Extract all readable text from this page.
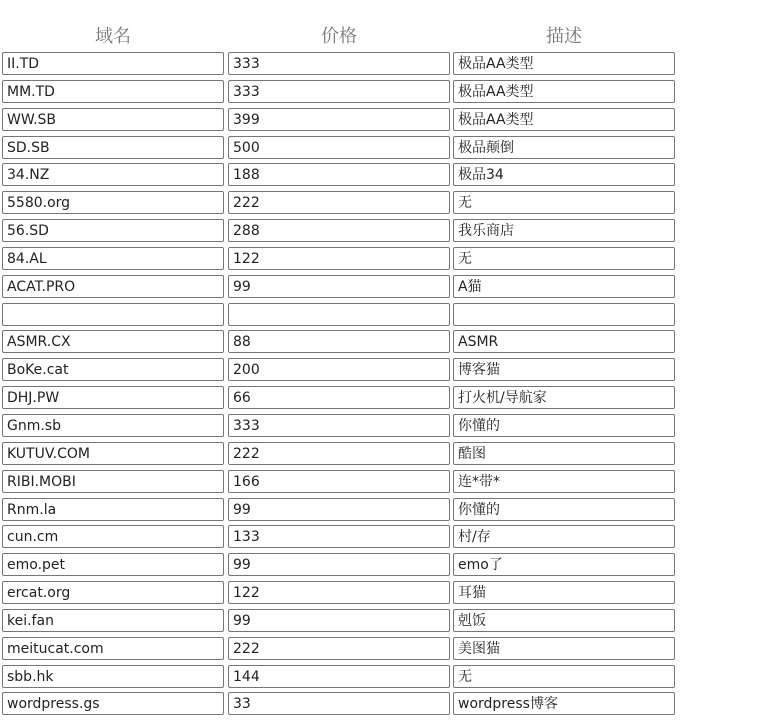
域名	价格	描述
II.TD	333	极品AA类型
MM.TD	333	极品AA类型
WW.SB	399	极品AA类型
SD.SB	500	极品颠倒
34.NZ	188	极品34
5580.org	222	无
56.SD	288	我乐商店
84.AL	122	无
ACAT.PRO	99	A猫
ASMR.CX	88	ASMR
BoKe.cat	200	博客猫
DHJ.PW	66	打火机/导航家
Gnm.sb	333	你懂的
KUTUV.COM	222	酷图
RIBI.MOBI	166	连*带*
Rnm.la	99	你懂的
cun.cm	133	村/存
emo.pet	99	emo了
ercat.org	122	耳猫
kei.fan	99	剋饭
meitucat.com	222	美图猫
sbb.hk	144	无
wordpress.gs	33	wordpress博客
